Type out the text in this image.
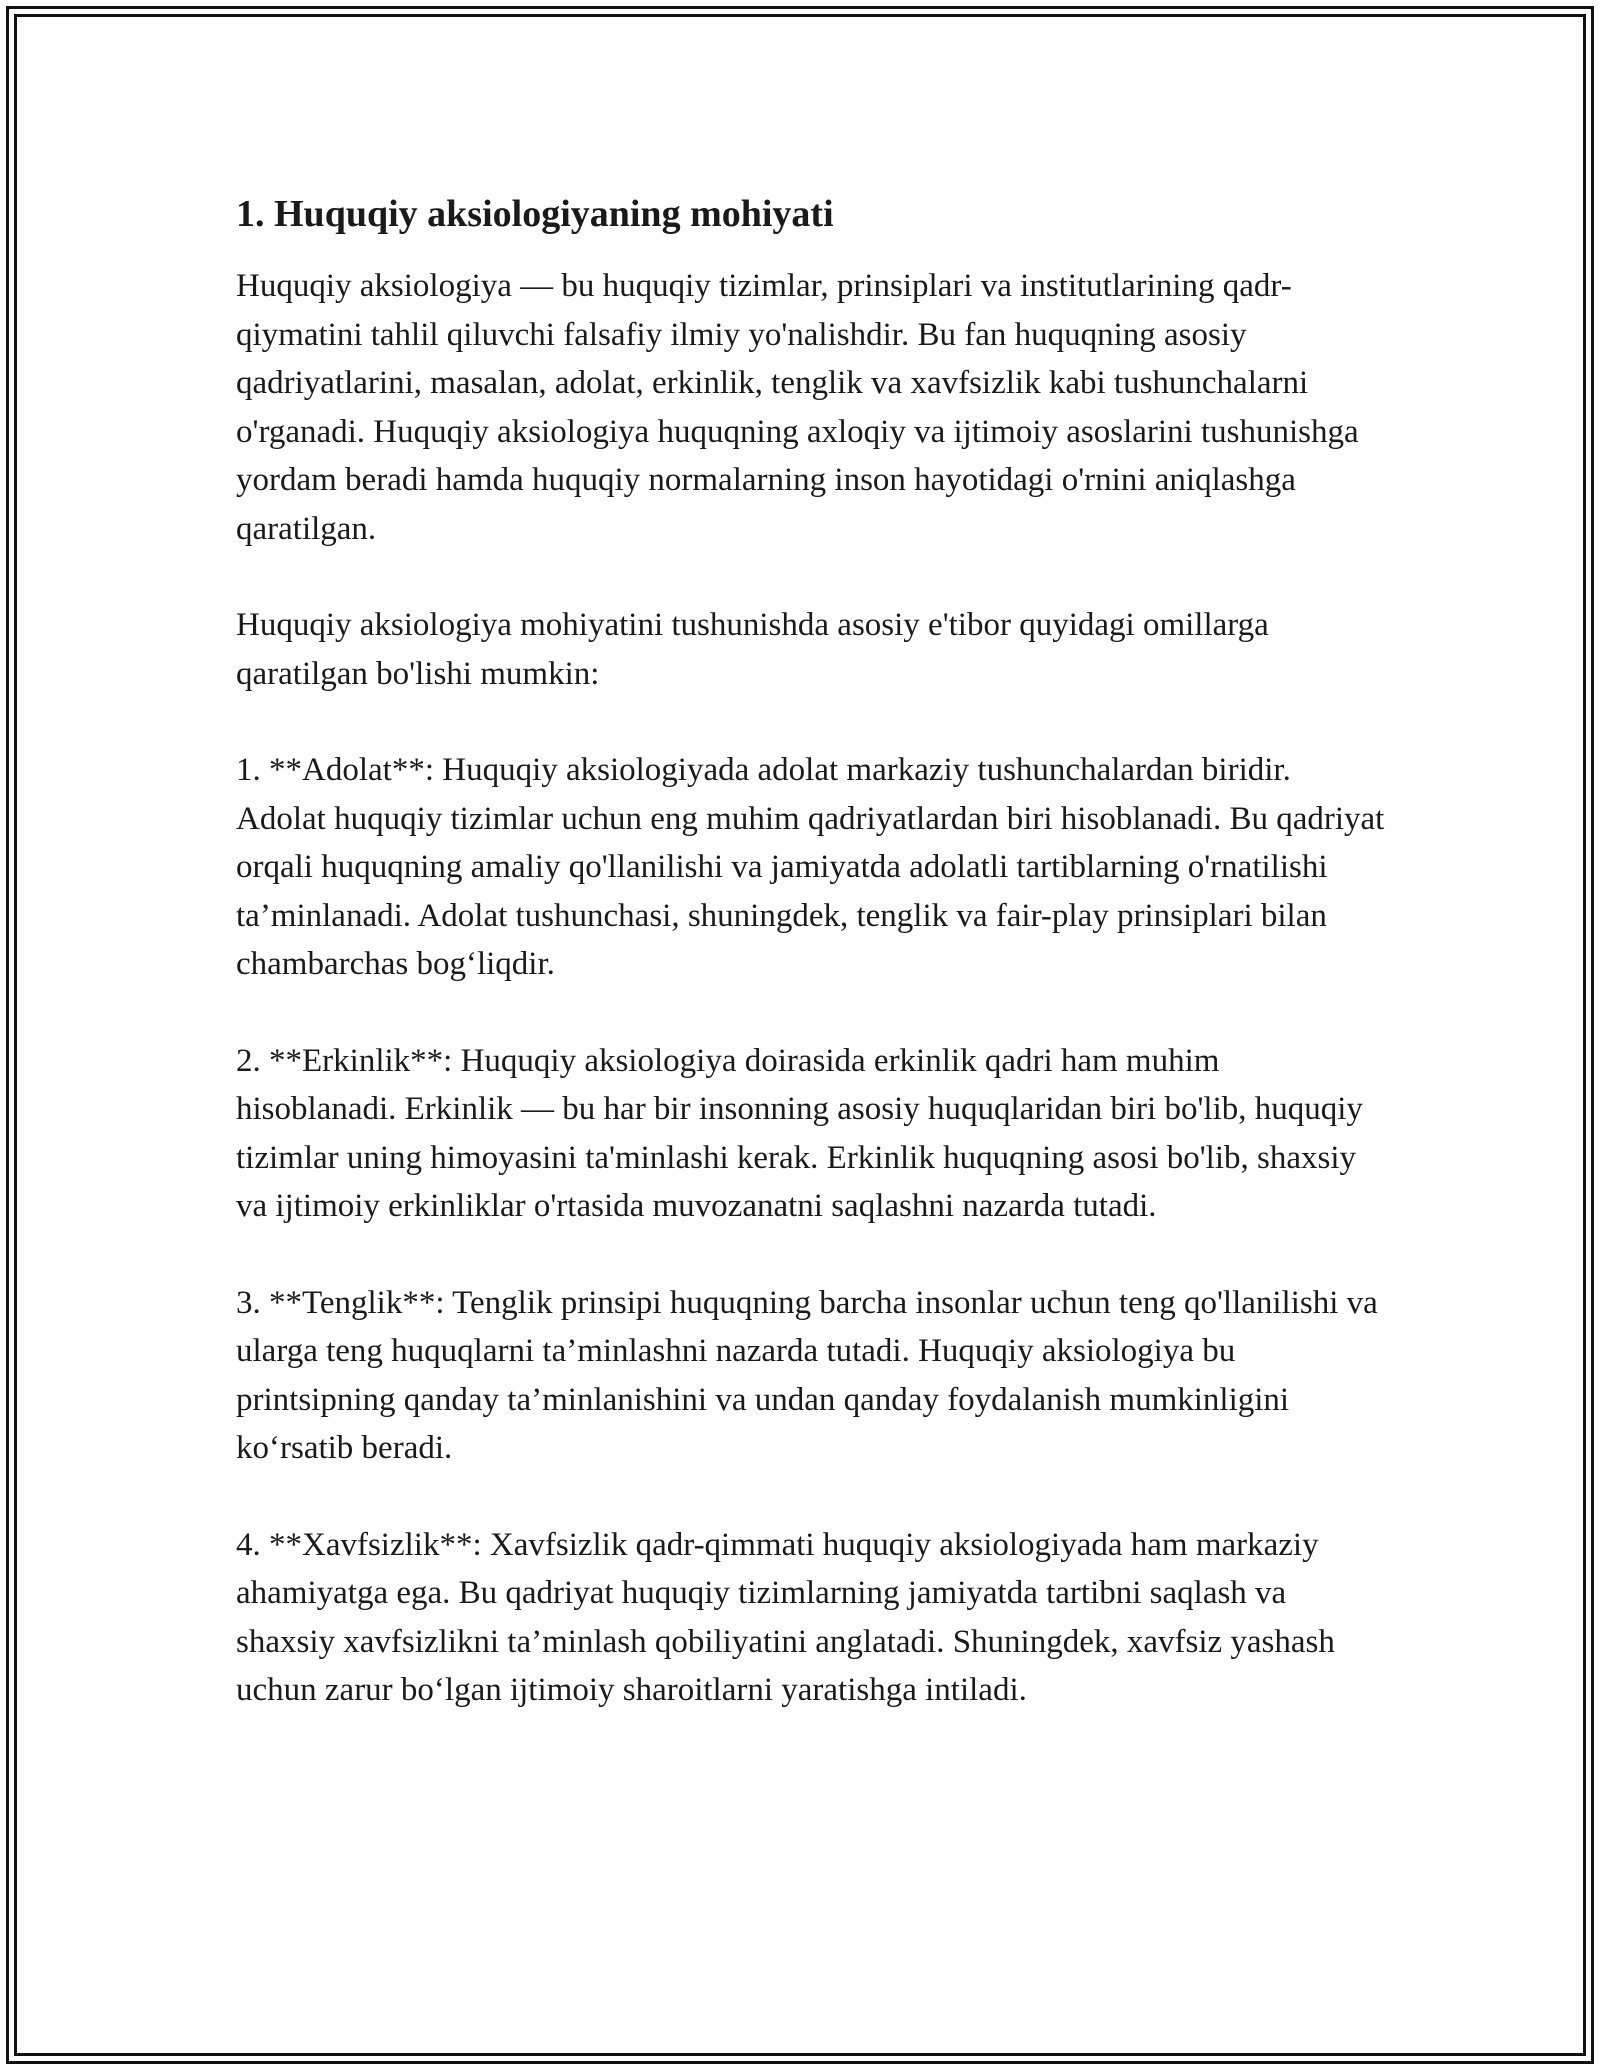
1. Huquqiy aksiologiyaning mohiyati

Huquqiy aksiologiya — bu huquqiy tizimlar, prinsiplari va institutlarining qadr-qiymatini tahlil qiluvchi falsafiy ilmiy yo'nalishdir. Bu fan huquqning asosiy qadriyatlarini, masalan, adolat, erkinlik, tenglik va xavfsizlik kabi tushunchalarni o'rganadi. Huquqiy aksiologiya huquqning axloqiy va ijtimoiy asoslarini tushunishga yordam beradi hamda huquqiy normalarning inson hayotidagi o'rnini aniqlashga qaratilgan.

Huquqiy aksiologiya mohiyatini tushunishda asosiy e'tibor quyidagi omillarga qaratilgan bo'lishi mumkin:

1. **Adolat**: Huquqiy aksiologiyada adolat markaziy tushunchalardan biridir. Adolat huquqiy tizimlar uchun eng muhim qadriyatlardan biri hisoblanadi. Bu qadriyat orqali huquqning amaliy qo'llanilishi va jamiyatda adolatli tartiblarning o'rnatilishi ta’minlanadi. Adolat tushunchasi, shuningdek, tenglik va fair-play prinsiplari bilan chambarchas bog‘liqdir.

2. **Erkinlik**: Huquqiy aksiologiya doirasida erkinlik qadri ham muhim hisoblanadi. Erkinlik — bu har bir insonning asosiy huquqlaridan biri bo'lib, huquqiy tizimlar uning himoyasini ta'minlashi kerak. Erkinlik huquqning asosi bo'lib, shaxsiy va ijtimoiy erkinliklar o'rtasida muvozanatni saqlashni nazarda tutadi.

3. **Tenglik**: Tenglik prinsipi huquqning barcha insonlar uchun teng qo'llanilishi va ularga teng huquqlarni ta’minlashni nazarda tutadi. Huquqiy aksiologiya bu printsipning qanday ta’minlanishini va undan qanday foydalanish mumkinligini ko‘rsatib beradi.

4. **Xavfsizlik**: Xavfsizlik qadr-qimmati huquqiy aksiologiyada ham markaziy ahamiyatga ega. Bu qadriyat huquqiy tizimlarning jamiyatda tartibni saqlash va shaxsiy xavfsizlikni ta’minlash qobiliyatini anglatadi. Shuningdek, xavfsiz yashash uchun zarur bo‘lgan ijtimoiy sharoitlarni yaratishga intiladi.
